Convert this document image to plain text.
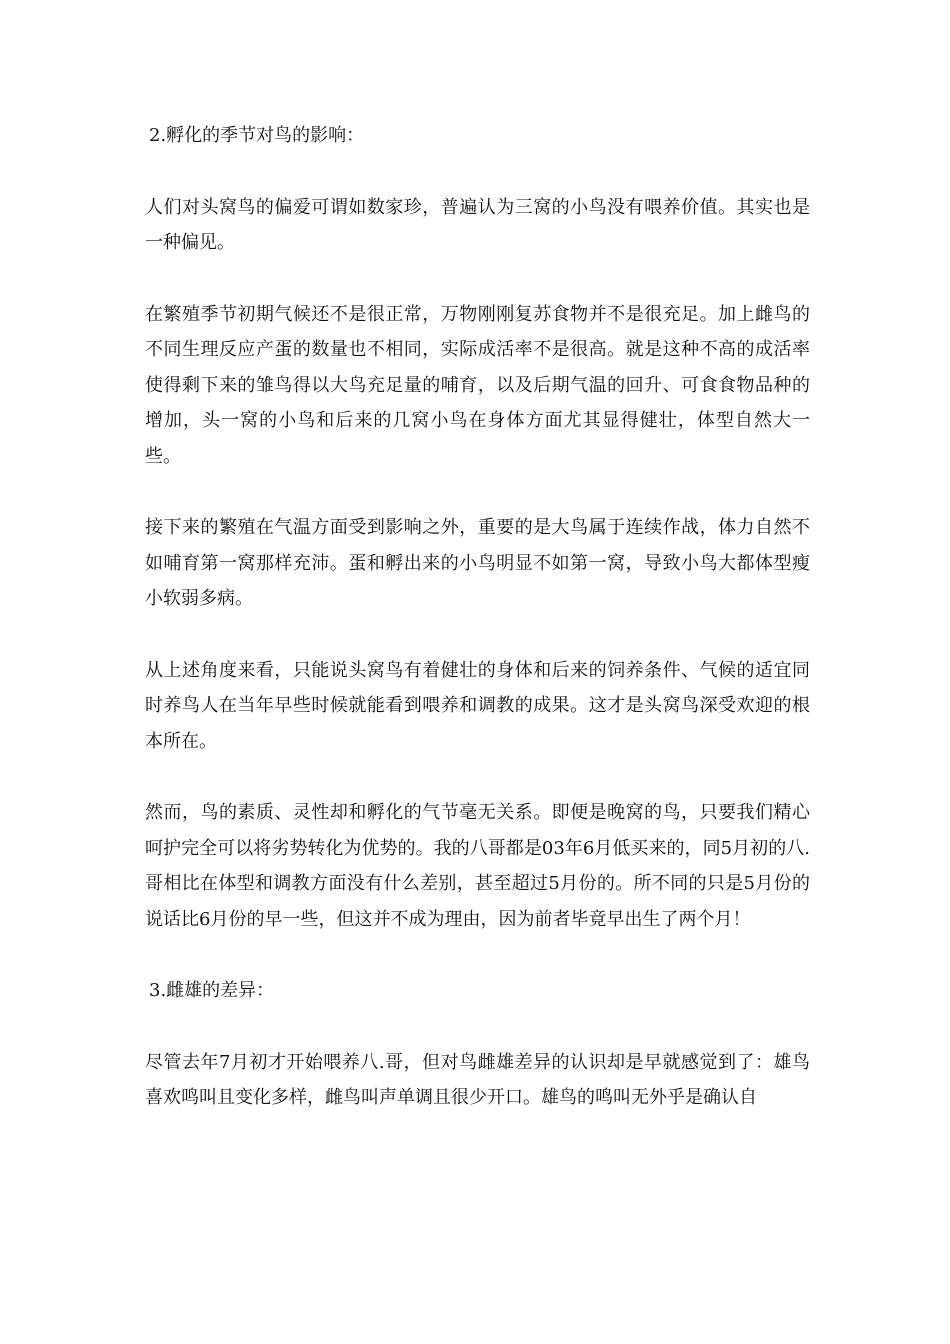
2.孵化的季节对鸟的影响：

人们对头窝鸟的偏爱可谓如数家珍，普遍认为三窝的小鸟没有喂养价值。其实也是一种偏见。

在繁殖季节初期气候还不是很正常，万物刚刚复苏食物并不是很充足。加上雌鸟的不同生理反应产蛋的数量也不相同，实际成活率不是很高。就是这种不高的成活率使得剩下来的雏鸟得以大鸟充足量的哺育，以及后期气温的回升、可食食物品种的增加，头一窝的小鸟和后来的几窝小鸟在身体方面尤其显得健壮，体型自然大一些。

接下来的繁殖在气温方面受到影响之外，重要的是大鸟属于连续作战，体力自然不如哺育第一窝那样充沛。蛋和孵出来的小鸟明显不如第一窝，导致小鸟大都体型瘦小软弱多病。

从上述角度来看，只能说头窝鸟有着健壮的身体和后来的饲养条件、气候的适宜同时养鸟人在当年早些时候就能看到喂养和调教的成果。这才是头窝鸟深受欢迎的根本所在。

然而，鸟的素质、灵性却和孵化的气节毫无关系。即便是晚窝的鸟，只要我们精心呵护完全可以将劣势转化为优势的。我的八哥都是03年6月低买来的，同5月初的八.哥相比在体型和调教方面没有什么差别，甚至超过5月份的。所不同的只是5月份的说话比6月份的早一些，但这并不成为理由，因为前者毕竟早出生了两个月！

3.雌雄的差异：

尽管去年7月初才开始喂养八.哥，但对鸟雌雄差异的认识却是早就感觉到了：雄鸟喜欢鸣叫且变化多样，雌鸟叫声单调且很少开口。雄鸟的鸣叫无外乎是确认自
